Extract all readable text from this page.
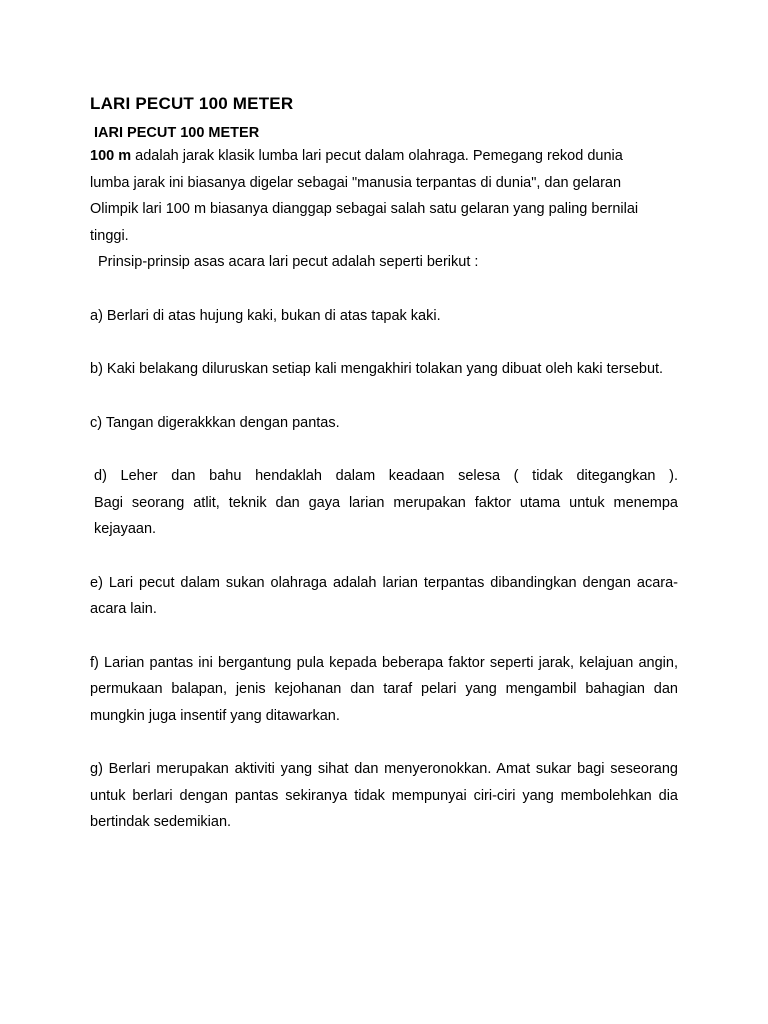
LARI PECUT 100 METER
IARI PECUT 100 METER

100 m adalah jarak klasik lumba lari pecut dalam olahraga. Pemegang rekod dunia

lumba jarak ini biasanya digelar sebagai "manusia terpantas di dunia", dan gelaran

Olimpik lari 100 m biasanya dianggap sebagai salah satu gelaran yang paling bernilai

tinggi.

Prinsip-prinsip asas acara lari pecut adalah seperti berikut :

a) Berlari di atas hujung kaki, bukan di atas tapak kaki.

b) Kaki belakang diluruskan setiap kali mengakhiri tolakan yang dibuat oleh kaki tersebut.

c) Tangan digerakkkan dengan pantas.

d) Leher dan bahu hendaklah dalam keadaan selesa ( tidak ditegangkan ).

Bagi seorang atlit, teknik dan gaya larian merupakan faktor utama untuk menempa kejayaan.

e) Lari pecut dalam sukan olahraga adalah larian terpantas dibandingkan dengan acara-acara lain.

f) Larian pantas ini bergantung pula kepada beberapa faktor seperti jarak, kelajuan angin, permukaan balapan, jenis kejohanan dan taraf pelari yang mengambil bahagian dan mungkin juga insentif yang ditawarkan.

g) Berlari merupakan aktiviti yang sihat dan menyeronokkan. Amat sukar bagi seseorang untuk berlari dengan pantas sekiranya tidak mempunyai ciri-ciri yang membolehkan dia bertindak sedemikian.
